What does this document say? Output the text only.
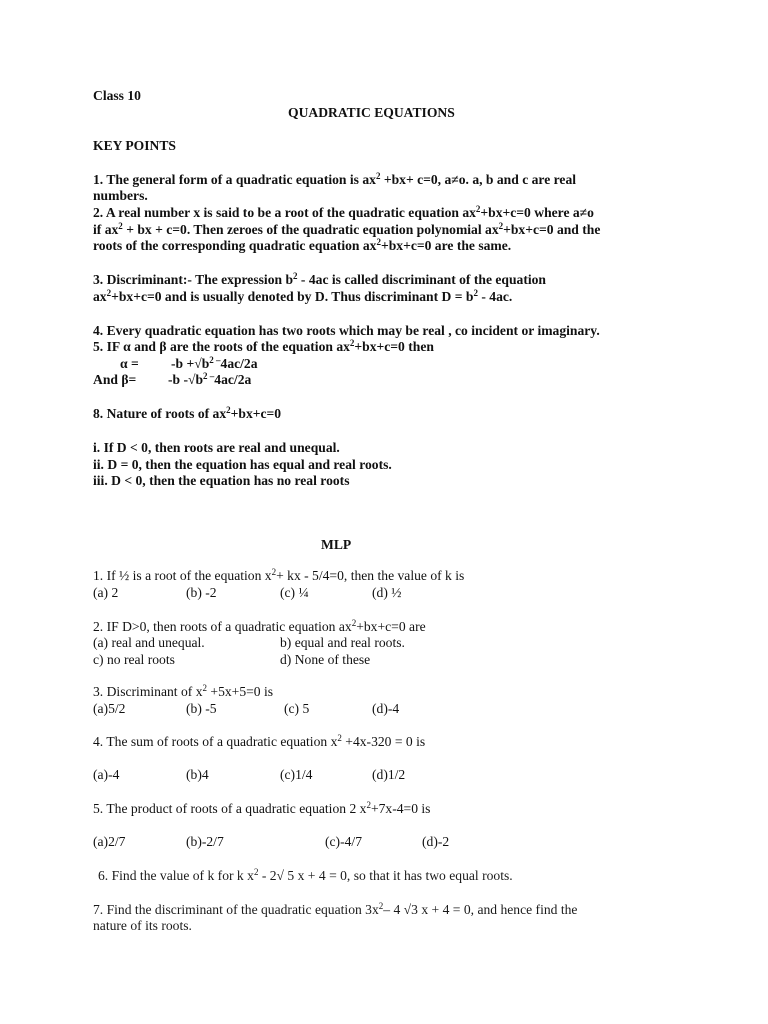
Class 10
QUADRATIC EQUATIONS
KEY POINTS
1. The general form of a quadratic equation is $ax^2 +bx+ c=0$, a≠o. a, b and c are real
numbers.
2. A real number x is said to be a root of the quadratic equation $ax^2+bx+c=0$ where a≠o
if $ax^2$ + bx + c=0. Then zeroes of the quadratic equation polynomial $ax^2+bx+c=0$ and the
roots of the corresponding quadratic equation $ax^2+bx+c=0$ are the same.
3. Discriminant:- The expression $b^2 - 4ac$ is called discriminant of the equation
$ax^2+bx+c=0$ and is usually denoted by D. Thus discriminant $D = b^2 - 4ac$.
4. Every quadratic equation has two roots which may be real , co incident or imaginary.
5. IF α and β are the roots of the equation $ax^2+bx+c=0$ then
$\alpha = -b +√b^{2 -}4ac/2a$
And β= -b $-√b^{2 -}4ac/2a$
8. Nature of roots of $ax^2+bx+c=0$
i. If D < 0, then roots are real and unequal.
ii. D = 0, then the equation has equal and real roots.
iii. D < 0, then the equation has no real roots
MLP
1. If ½ is a root of the equation $x^2+$ kx - 5/4=0, then the value of k is
(a) 2	(b) -2	(c) ¼	(d) ½
2. IF D>0, then roots of a quadratic equation $ax^2+bx+c=0$ are
(a) real and unequal.	b) equal and real roots.
c) no real roots	d) None of these
3. Discriminant of $x^2 +5x+5=0$ is
(a)5/2	(b) -5	(c) 5	(d)-4
4. The sum of roots of a quadratic equation $x^2 +4x-320 = 0$ is
(a)-4	(b)4	(c)1/4	(d)1/2
5. The product of roots of a quadratic equation 2 $x^2+7x-4=0$ is
(a)2/7	(b)-2/7	(c)-4/7	(d)-2
6. Find the value of k for k $x^2 - 2√$ 5 x + 4 = 0, so that it has two equal roots.
7. Find the discriminant of the quadratic equation $3x^2-$ 4 √3 x + 4 = 0, and hence find the
nature of its roots.
